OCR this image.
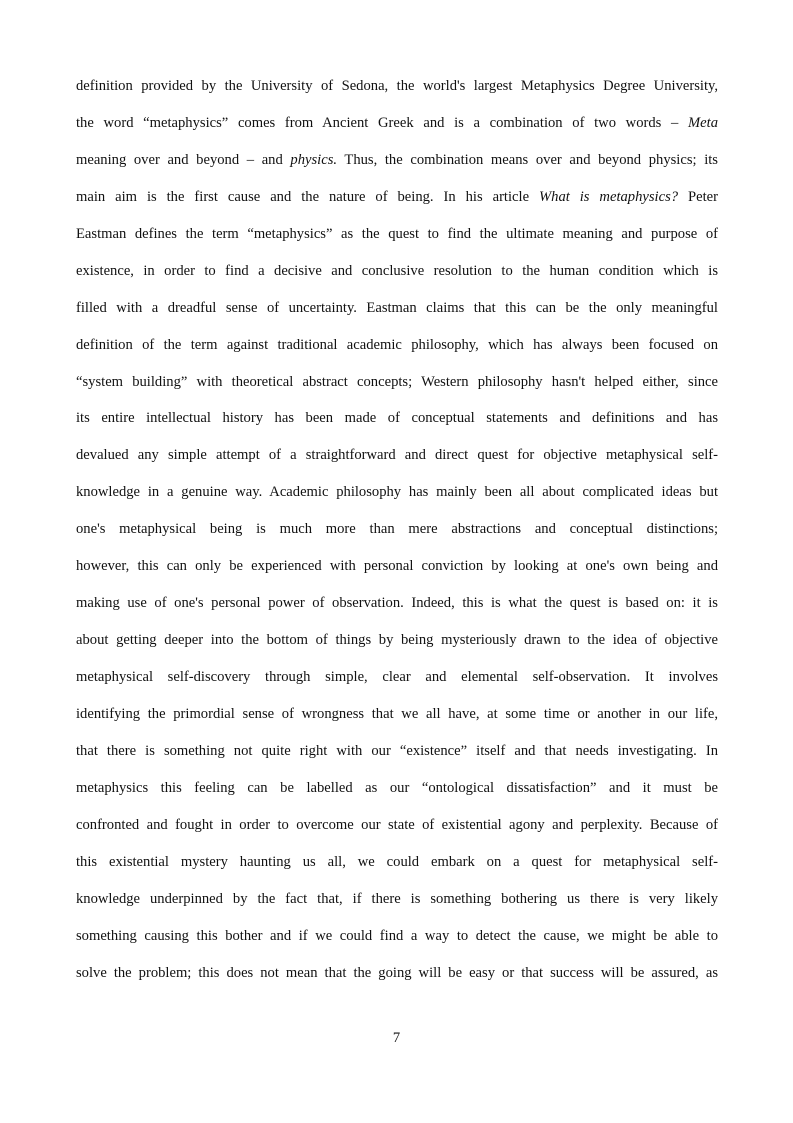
definition provided by the University of Sedona, the world's largest Metaphysics Degree University,
the word “metaphysics” comes from Ancient Greek and is a combination of two words – Meta
meaning over and beyond – and physics. Thus, the combination means over and beyond physics; its
main aim is the first cause and the nature of being. In his article What is metaphysics? Peter
Eastman defines the term “metaphysics” as the quest to find the ultimate meaning and purpose of
existence, in order to find a decisive and conclusive resolution to the human condition which is
filled with a dreadful sense of uncertainty. Eastman claims that this can be the only meaningful
definition of the term against traditional academic philosophy, which has always been focused on
“system building” with theoretical abstract concepts; Western philosophy hasn't helped either, since
its entire intellectual history has been made of conceptual statements and definitions and has
devalued any simple attempt of a straightforward and direct quest for objective metaphysical self-
knowledge in a genuine way. Academic philosophy has mainly been all about complicated ideas but
one's metaphysical being is much more than mere abstractions and conceptual distinctions;
however, this can only be experienced with personal conviction by looking at one's own being and
making use of one's personal power of observation. Indeed, this is what the quest is based on: it is
about getting deeper into the bottom of things by being mysteriously drawn to the idea of objective
metaphysical self-discovery through simple, clear and elemental self-observation. It involves
identifying the primordial sense of wrongness that we all have, at some time or another in our life,
that there is something not quite right with our “existence” itself and that needs investigating. In
metaphysics this feeling can be labelled as our “ontological dissatisfaction” and it must be
confronted and fought in order to overcome our state of existential agony and perplexity. Because of
this existential mystery haunting us all, we could embark on a quest for metaphysical self-
knowledge underpinned by the fact that, if there is something bothering us there is very likely
something causing this bother and if we could find a way to detect the cause, we might be able to
solve the problem; this does not mean that the going will be easy or that success will be assured, as
7
